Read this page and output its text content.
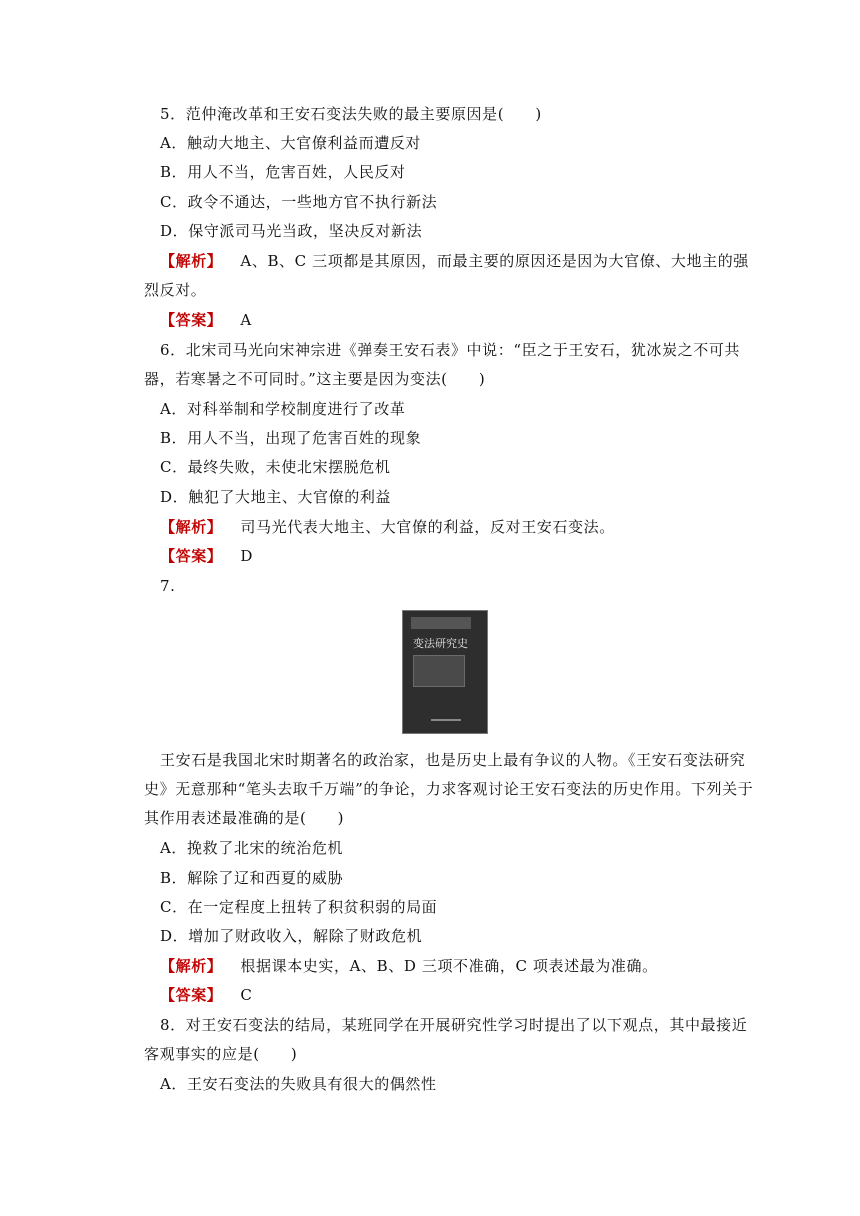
5．范仲淹改革和王安石变法失败的最主要原因是(　　)
A．触动大地主、大官僚利益而遭反对
B．用人不当，危害百姓，人民反对
C．政令不通达，一些地方官不执行新法
D．保守派司马光当政，坚决反对新法
【解析】 A、B、C 三项都是其原因，而最主要的原因还是因为大官僚、大地主的强
烈反对。
【答案】 A
6．北宋司马光向宋神宗进《弹奏王安石表》中说：“臣之于王安石，犹冰炭之不可共
器，若寒暑之不可同时。”这主要是因为变法(　　)
A．对科举制和学校制度进行了改革
B．用人不当，出现了危害百姓的现象
C．最终失败，未使北宋摆脱危机
D．触犯了大地主、大官僚的利益
【解析】 司马光代表大地主、大官僚的利益，反对王安石变法。
【答案】 D
7.
变法研究史
王安石是我国北宋时期著名的政治家，也是历史上最有争议的人物。《王安石变法研究
史》无意那种“笔头去取千万端”的争论，力求客观讨论王安石变法的历史作用。下列关于
其作用表述最准确的是(　　)
A．挽救了北宋的统治危机
B．解除了辽和西夏的威胁
C．在一定程度上扭转了积贫积弱的局面
D．增加了财政收入，解除了财政危机
【解析】 根据课本史实，A、B、D 三项不准确，C 项表述最为准确。
【答案】 C
8．对王安石变法的结局，某班同学在开展研究性学习时提出了以下观点，其中最接近
客观事实的应是(　　)
A．王安石变法的失败具有很大的偶然性
